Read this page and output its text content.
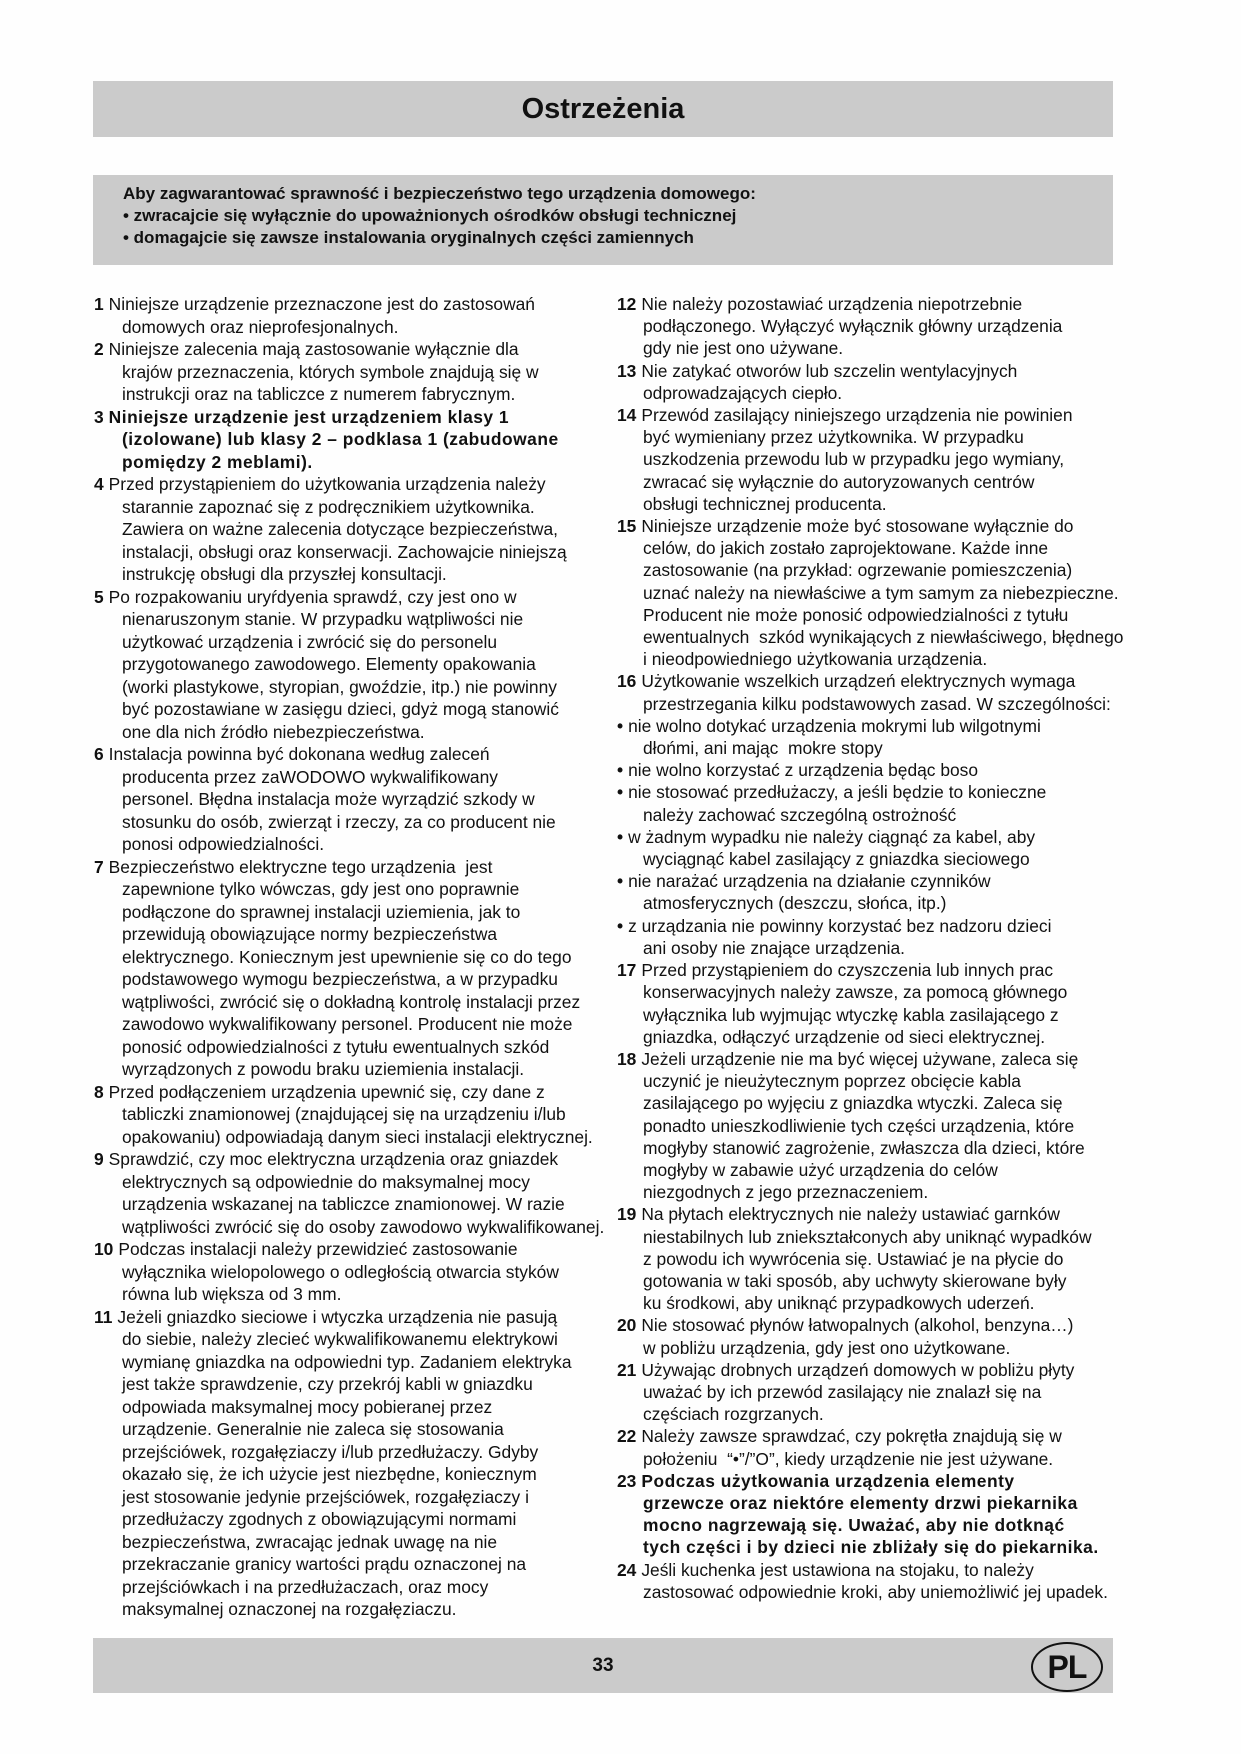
Ostrzeżenia
Aby zagwarantować sprawność i bezpieczeństwo tego urządzenia domowego:
• zwracajcie się wyłącznie do upoważnionych ośrodków obsługi technicznej
• domagajcie się zawsze instalowania oryginalnych części zamiennych
1 Niniejsze urządzenie przeznaczone jest do zastosowań
domowych oraz nieprofesjonalnych.
2 Niniejsze zalecenia mają zastosowanie wyłącznie dla
krajów przeznaczenia, których symbole znajdują się w
instrukcji oraz na tabliczce z numerem fabrycznym.
3 Niniejsze urządzenie jest urządzeniem klasy 1
(izolowane) lub klasy 2 – podklasa 1 (zabudowane
pomiędzy 2 meblami).
4 Przed przystąpieniem do użytkowania urządzenia należy
starannie zapoznać się z podręcznikiem użytkownika.
Zawiera on ważne zalecenia dotyczące bezpieczeństwa,
instalacji, obsługi oraz konserwacji. Zachowajcie niniejszą
instrukcję obsługi dla przyszłej konsultacji.
5 Po rozpakowaniu uryŕdyenia sprawdź, czy jest ono w
nienaruszonym stanie. W przypadku wątpliwości nie
użytkować urządzenia i zwrócić się do personelu
przygotowanego zawodowego. Elementy opakowania
(worki plastykowe, styropian, gwoździe, itp.) nie powinny
być pozostawiane w zasięgu dzieci, gdyż mogą stanowić
one dla nich źródło niebezpieczeństwa.
6 Instalacja powinna być dokonana według zaleceń
producenta przez zaWODOWO wykwalifikowany
personel. Błędna instalacja może wyrządzić szkody w
stosunku do osób, zwierząt i rzeczy, za co producent nie
ponosi odpowiedzialności.
7 Bezpieczeństwo elektryczne tego urządzenia  jest
zapewnione tylko wówczas, gdy jest ono poprawnie
podłączone do sprawnej instalacji uziemienia, jak to
przewidują obowiązujące normy bezpieczeństwa
elektrycznego. Koniecznym jest upewnienie się co do tego
podstawowego wymogu bezpieczeństwa, a w przypadku
wątpliwości, zwrócić się o dokładną kontrolę instalacji przez
zawodowo wykwalifikowany personel. Producent nie może
ponosić odpowiedzialności z tytułu ewentualnych szkód
wyrządzonych z powodu braku uziemienia instalacji.
8 Przed podłączeniem urządzenia upewnić się, czy dane z
tabliczki znamionowej (znajdującej się na urządzeniu i/lub
opakowaniu) odpowiadają danym sieci instalacji elektrycznej.
9 Sprawdzić, czy moc elektryczna urządzenia oraz gniazdek
elektrycznych są odpowiednie do maksymalnej mocy
urządzenia wskazanej na tabliczce znamionowej. W razie
wątpliwości zwrócić się do osoby zawodowo wykwalifikowanej.
10 Podczas instalacji należy przewidzieć zastosowanie
wyłącznika wielopolowego o odległością otwarcia styków
równa lub większa od 3 mm.
11 Jeżeli gniazdko sieciowe i wtyczka urządzenia nie pasują
do siebie, należy zlecieć wykwalifikowanemu elektrykowi
wymianę gniazdka na odpowiedni typ. Zadaniem elektryka
jest także sprawdzenie, czy przekrój kabli w gniazdku
odpowiada maksymalnej mocy pobieranej przez
urządzenie. Generalnie nie zaleca się stosowania
przejściówek, rozgałęziaczy i/lub przedłużaczy. Gdyby
okazało się, że ich użycie jest niezbędne, koniecznym
jest stosowanie jedynie przejściówek, rozgałęziaczy i
przedłużaczy zgodnych z obowiązującymi normami
bezpieczeństwa, zwracając jednak uwagę na nie
przekraczanie granicy wartości prądu oznaczonej na
przejściówkach i na przedłużaczach, oraz mocy
maksymalnej oznaczonej na rozgałęziaczu.
12 Nie należy pozostawiać urządzenia niepotrzebnie
podłączonego. Wyłączyć wyłącznik główny urządzenia
gdy nie jest ono używane.
13 Nie zatykać otworów lub szczelin wentylacyjnych
odprowadzających ciepło.
14 Przewód zasilający niniejszego urządzenia nie powinien
być wymieniany przez użytkownika. W przypadku
uszkodzenia przewodu lub w przypadku jego wymiany,
zwracać się wyłącznie do autoryzowanych centrów
obsługi technicznej producenta.
15 Niniejsze urządzenie może być stosowane wyłącznie do
celów, do jakich zostało zaprojektowane. Każde inne
zastosowanie (na przykład: ogrzewanie pomieszczenia)
uznać należy na niewłaściwe a tym samym za niebezpieczne.
Producent nie może ponosić odpowiedzialności z tytułu
ewentualnych  szkód wynikających z niewłaściwego, błędnego
i nieodpowiedniego użytkowania urządzenia.
16 Użytkowanie wszelkich urządzeń elektrycznych wymaga
przestrzegania kilku podstawowych zasad. W szczególności:
• nie wolno dotykać urządzenia mokrymi lub wilgotnymi
dłońmi, ani mając  mokre stopy
• nie wolno korzystać z urządzenia będąc boso
• nie stosować przedłużaczy, a jeśli będzie to konieczne
należy zachować szczególną ostrożność
• w żadnym wypadku nie należy ciągnąć za kabel, aby
wyciągnąć kabel zasilający z gniazdka sieciowego
• nie narażać urządzenia na działanie czynników
atmosferycznych (deszczu, słońca, itp.)
• z urządzania nie powinny korzystać bez nadzoru dzieci
ani osoby nie znające urządzenia.
17 Przed przystąpieniem do czyszczenia lub innych prac
konserwacyjnych należy zawsze, za pomocą głównego
wyłącznika lub wyjmując wtyczkę kabla zasilającego z
gniazdka, odłączyć urządzenie od sieci elektrycznej.
18 Jeżeli urządzenie nie ma być więcej używane, zaleca się
uczynić je nieużytecznym poprzez obcięcie kabla
zasilającego po wyjęciu z gniazdka wtyczki. Zaleca się
ponadto unieszkodliwienie tych części urządzenia, które
mogłyby stanowić zagrożenie, zwłaszcza dla dzieci, które
mogłyby w zabawie użyć urządzenia do celów
niezgodnych z jego przeznaczeniem.
19 Na płytach elektrycznych nie należy ustawiać garnków
niestabilnych lub zniekształconych aby uniknąć wypadków
z powodu ich wywrócenia się. Ustawiać je na płycie do
gotowania w taki sposób, aby uchwyty skierowane były
ku środkowi, aby uniknąć przypadkowych uderzeń.
20 Nie stosować płynów łatwopalnych (alkohol, benzyna…)
w pobliżu urządzenia, gdy jest ono użytkowane.
21 Używając drobnych urządzeń domowych w pobliżu płyty
uważać by ich przewód zasilający nie znalazł się na
częściach rozgrzanych.
22 Należy zawsze sprawdzać, czy pokrętła znajdują się w
położeniu  “•”/”O”, kiedy urządzenie nie jest używane.
23 Podczas użytkowania urządzenia elementy
grzewcze oraz niektóre elementy drzwi piekarnika
mocno nagrzewają się. Uważać, aby nie dotknąć
tych części i by dzieci nie zbliżały się do piekarnika.
24 Jeśli kuchenka jest ustawiona na stojaku, to należy
zastosować odpowiednie kroki, aby uniemożliwić jej upadek.
33	PL
